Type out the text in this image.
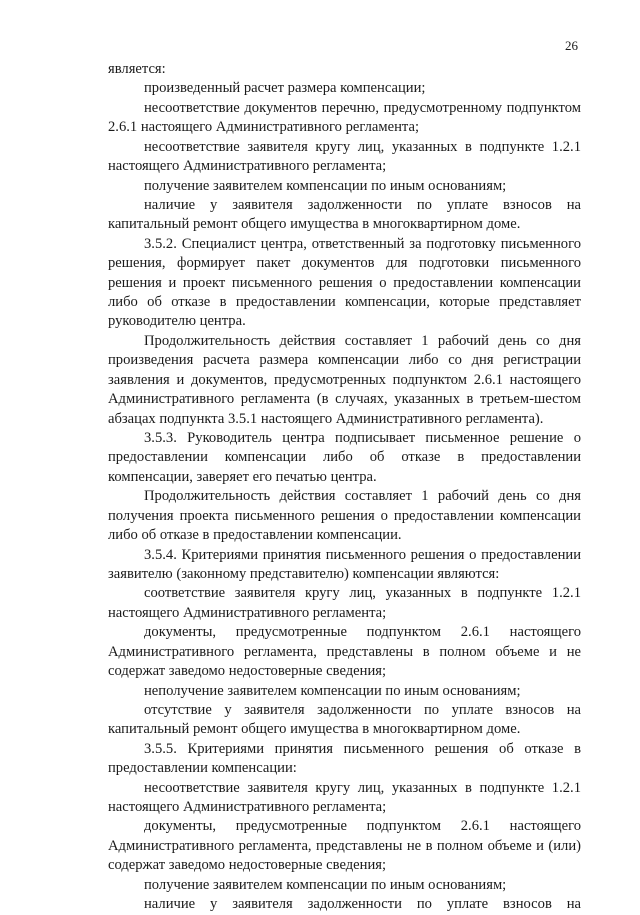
26

является:

произведенный расчет размера компенсации;

несоответствие документов перечню, предусмотренному подпунктом 2.6.1 настоящего Административного регламента;

несоответствие заявителя кругу лиц, указанных в подпункте 1.2.1 настоящего Административного регламента;

получение заявителем компенсации по иным основаниям;

наличие у заявителя задолженности по уплате взносов на капитальный ремонт общего имущества в многоквартирном доме.

3.5.2. Специалист центра, ответственный за подготовку письменного решения, формирует пакет документов для подготовки письменного решения и проект письменного решения о предоставлении компенсации либо об отказе в предоставлении компенсации, которые представляет руководителю центра.

Продолжительность действия составляет 1 рабочий день со дня произведения расчета размера компенсации либо со дня регистрации заявления и документов, предусмотренных подпунктом 2.6.1 настоящего Административного регламента (в случаях, указанных в третьем-шестом абзацах подпункта 3.5.1 настоящего Административного регламента).

3.5.3. Руководитель центра подписывает письменное решение о предоставлении компенсации либо об отказе в предоставлении компенсации, заверяет его печатью центра.

Продолжительность действия составляет 1 рабочий день со дня получения проекта письменного решения о предоставлении компенсации либо об отказе в предоставлении компенсации.

3.5.4. Критериями принятия письменного решения о предоставлении заявителю (законному представителю) компенсации являются:

соответствие заявителя кругу лиц, указанных в подпункте 1.2.1 настоящего Административного регламента;

документы, предусмотренные подпунктом 2.6.1 настоящего Административного регламента, представлены в полном объеме и не содержат заведомо недостоверные сведения;

неполучение заявителем компенсации по иным основаниям;

отсутствие у заявителя задолженности по уплате взносов на капитальный ремонт общего имущества в многоквартирном доме.

3.5.5. Критериями принятия письменного решения об отказе в предоставлении компенсации:

несоответствие заявителя кругу лиц, указанных в подпункте 1.2.1 настоящего Административного регламента;

документы, предусмотренные подпунктом 2.6.1 настоящего Административного регламента, представлены не в полном объеме и (или) содержат заведомо недостоверные сведения;

получение заявителем компенсации по иным основаниям;

наличие у заявителя задолженности по уплате взносов на
